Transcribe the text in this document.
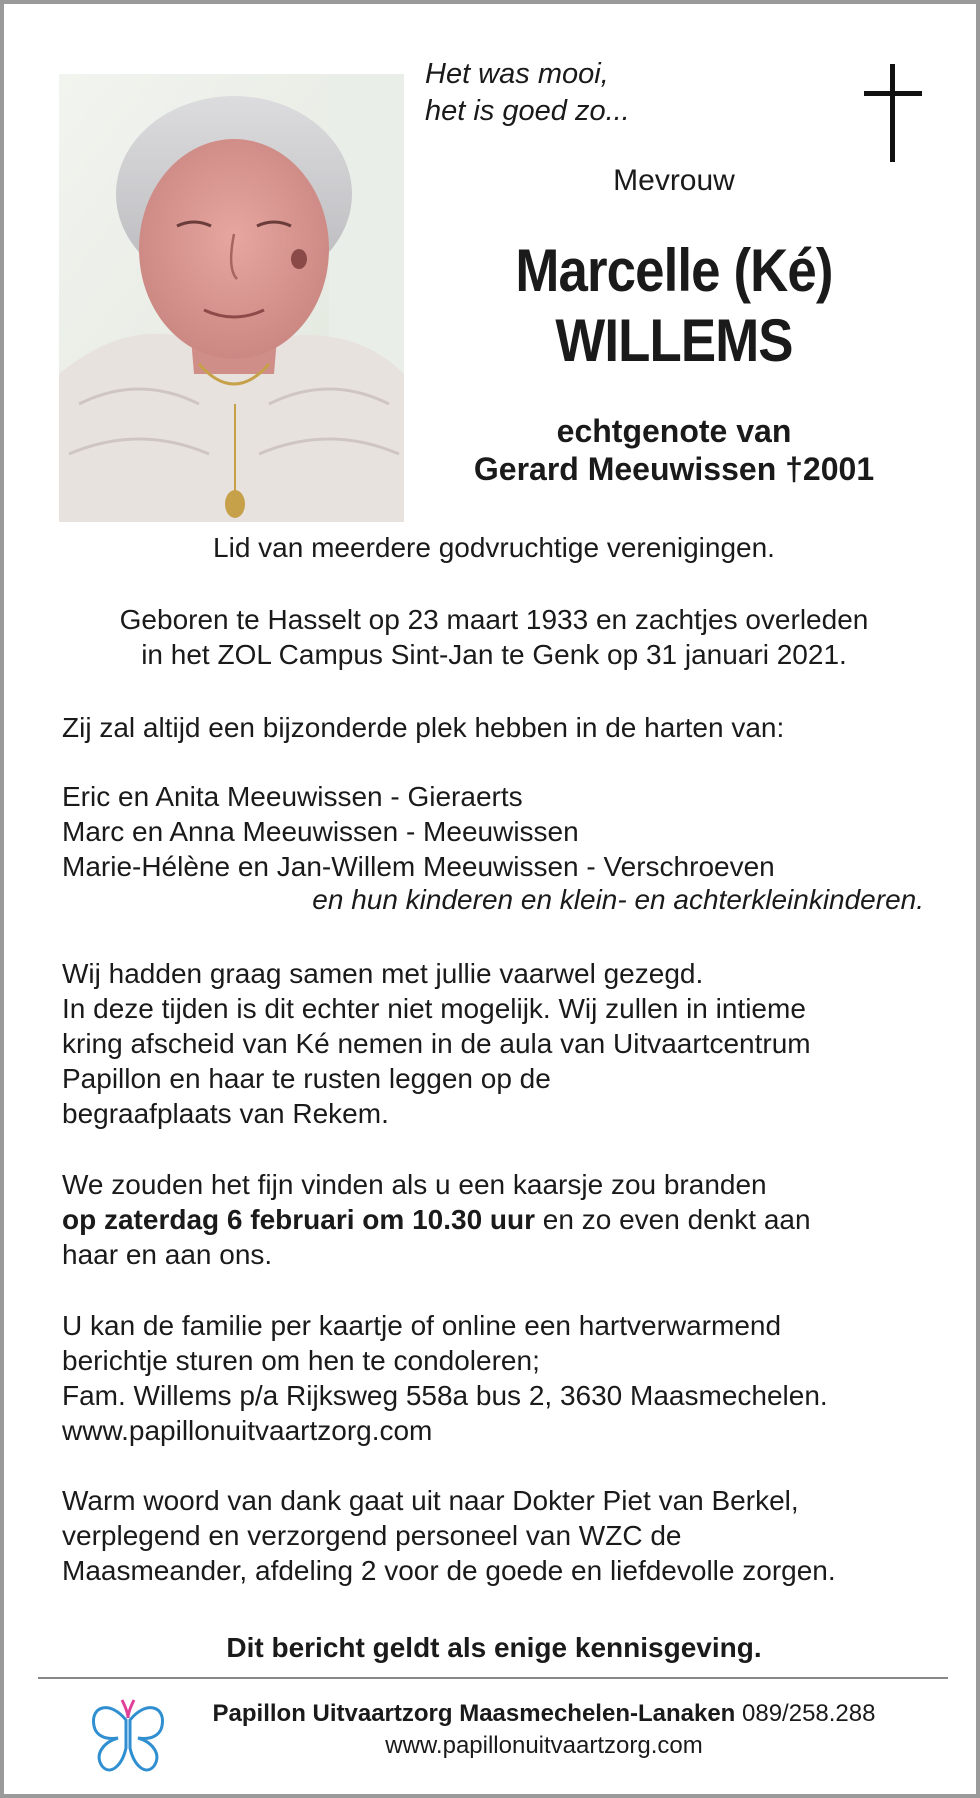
Het was mooi,
het is goed zo...
Mevrouw
Marcelle (Ké)
WILLEMS
echtgenote van
Gerard Meeuwissen †2001
Lid van meerdere godvruchtige verenigingen.
Geboren te Hasselt op 23 maart 1933 en zachtjes overleden
in het ZOL Campus Sint-Jan te Genk op 31 januari 2021.
Zij zal altijd een bijzonderde plek hebben in de harten van:
Eric en Anita Meeuwissen - Gieraerts
Marc en Anna Meeuwissen - Meeuwissen
Marie-Hélène en Jan-Willem Meeuwissen - Verschroeven
en hun kinderen en klein- en achterkleinkinderen.
Wij hadden graag samen met jullie vaarwel gezegd.
In deze tijden is dit echter niet mogelijk. Wij zullen in intieme
kring afscheid van Ké nemen in de aula van Uitvaartcentrum
Papillon en haar te rusten leggen op de
begraafplaats van Rekem.
We zouden het fijn vinden als u een kaarsje zou branden
op zaterdag 6 februari om 10.30 uur en zo even denkt aan
haar en aan ons.
U kan de familie per kaartje of online een hartverwarmend
berichtje sturen om hen te condoleren;
Fam. Willems p/a Rijksweg 558a bus 2, 3630 Maasmechelen.
www.papillonuitvaartzorg.com
Warm woord van dank gaat uit naar Dokter Piet van Berkel,
verplegend en verzorgend personeel van WZC de
Maasmeander, afdeling 2 voor de goede en liefdevolle zorgen.
Dit bericht geldt als enige kennisgeving.
Papillon Uitvaartzorg Maasmechelen-Lanaken 089/258.288
www.papillonuitvaartzorg.com
